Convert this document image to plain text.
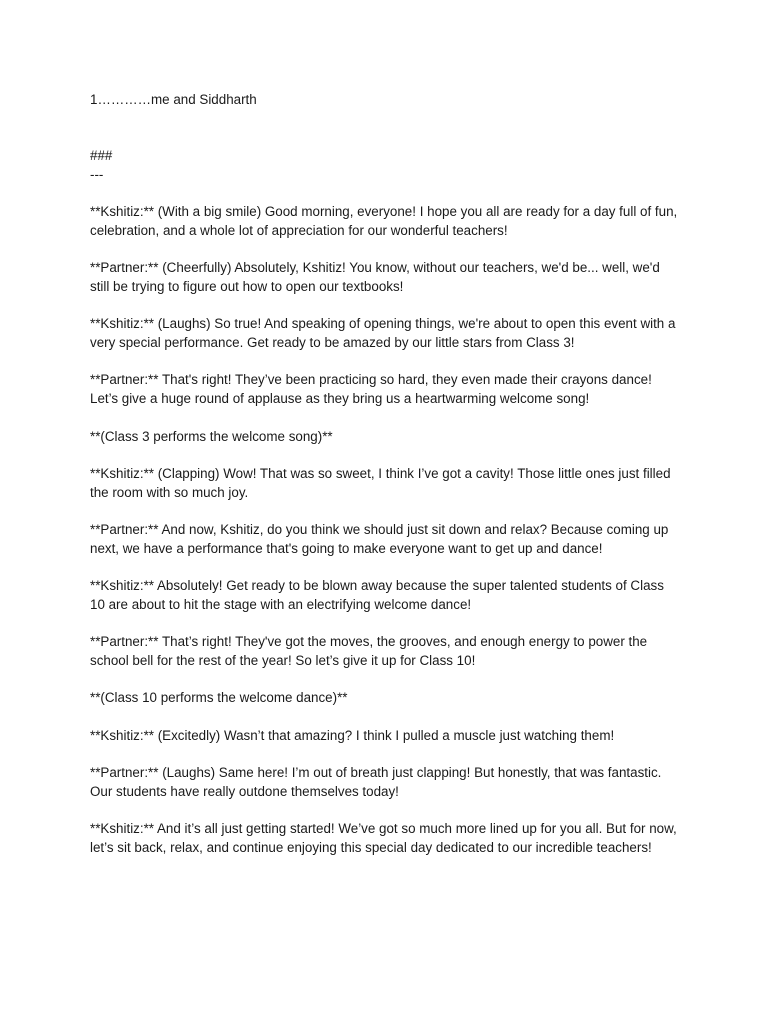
1…………me and Siddharth
###
---

**Kshitiz:** (With a big smile) Good morning, everyone! I hope you all are ready for a day full of fun, celebration, and a whole lot of appreciation for our wonderful teachers!

**Partner:** (Cheerfully) Absolutely, Kshitiz! You know, without our teachers, we'd be... well, we'd still be trying to figure out how to open our textbooks!

**Kshitiz:** (Laughs) So true! And speaking of opening things, we're about to open this event with a very special performance. Get ready to be amazed by our little stars from Class 3!

**Partner:** That's right! They’ve been practicing so hard, they even made their crayons dance! Let’s give a huge round of applause as they bring us a heartwarming welcome song!

**(Class 3 performs the welcome song)**

**Kshitiz:** (Clapping) Wow! That was so sweet, I think I’ve got a cavity! Those little ones just filled the room with so much joy.

**Partner:** And now, Kshitiz, do you think we should just sit down and relax? Because coming up next, we have a performance that's going to make everyone want to get up and dance!

**Kshitiz:** Absolutely! Get ready to be blown away because the super talented students of Class 10 are about to hit the stage with an electrifying welcome dance!

**Partner:** That’s right! They've got the moves, the grooves, and enough energy to power the school bell for the rest of the year! So let’s give it up for Class 10!

**(Class 10 performs the welcome dance)**

**Kshitiz:** (Excitedly) Wasn’t that amazing? I think I pulled a muscle just watching them!

**Partner:** (Laughs) Same here! I’m out of breath just clapping! But honestly, that was fantastic. Our students have really outdone themselves today!

**Kshitiz:** And it’s all just getting started! We’ve got so much more lined up for you all. But for now, let’s sit back, relax, and continue enjoying this special day dedicated to our incredible teachers!
